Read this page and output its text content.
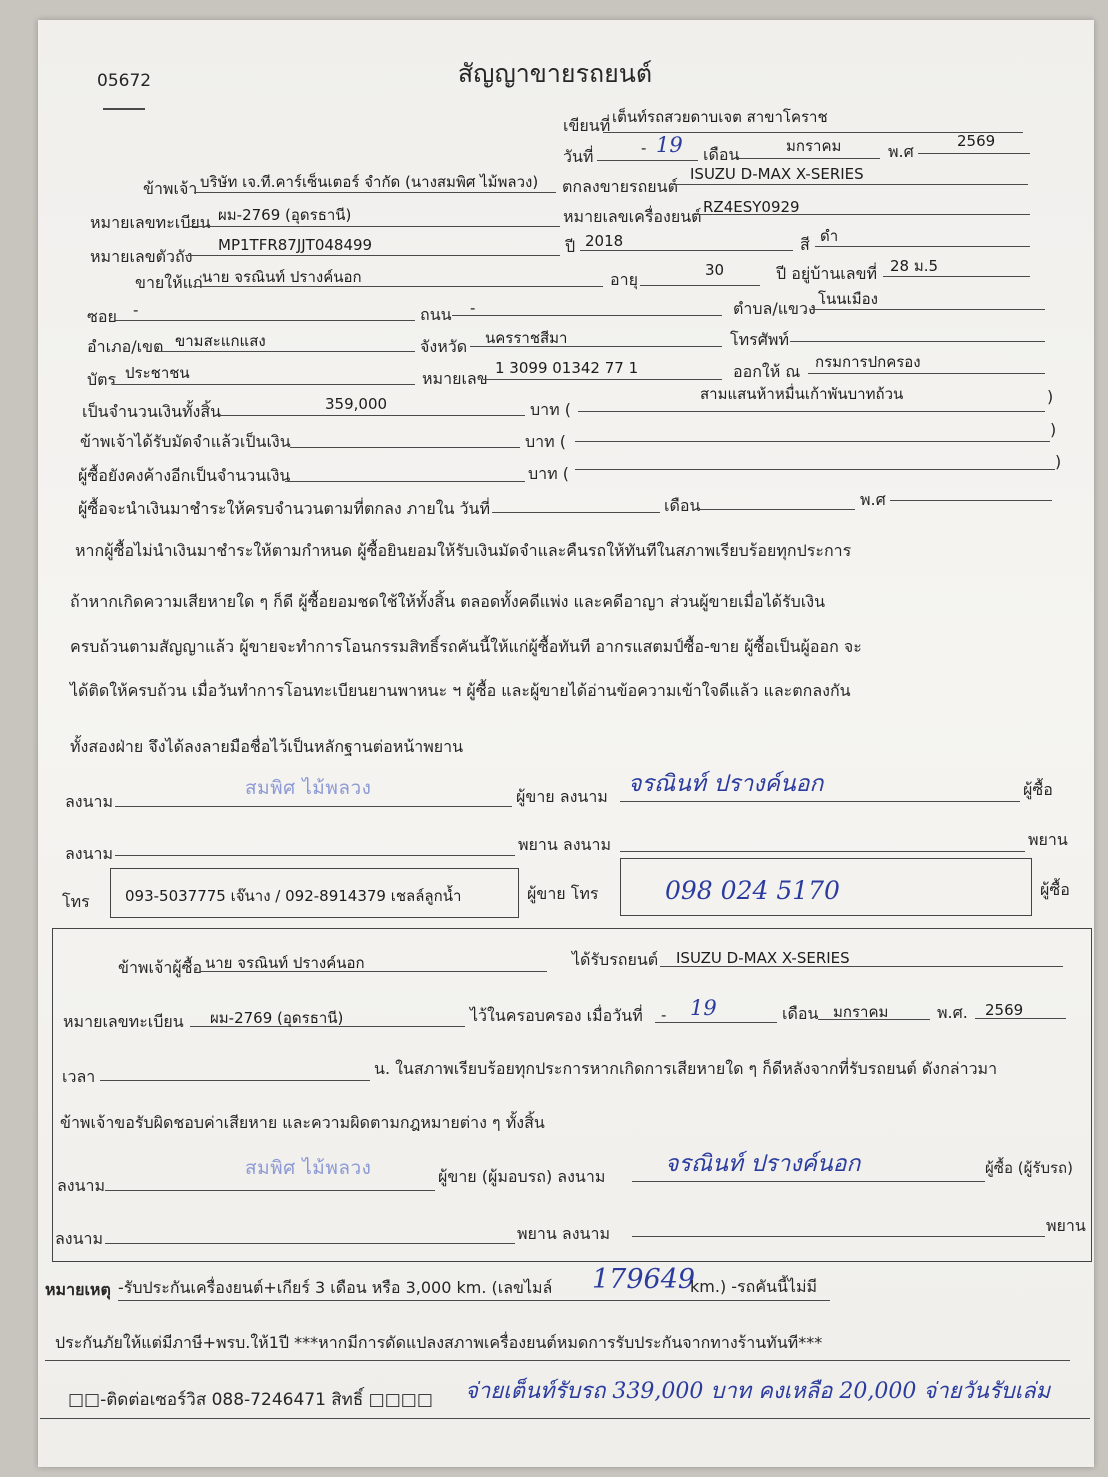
05672	สัญญาขายรถยนต์
เขียนที่ เต็นท์รถสวยดาบเจต สาขาโคราช
วันที่	- 19 เดือน	มกราคม	พ.ศ
2569
ข้าพเจ้า บริษัท เจ.ที.คาร์เซ็นเตอร์ จำกัด (นางสมพิศ ไม้พลวง) ตกลงขายรถยนต์
ISUZU D-MAX X-SERIES
หมายเลขทะเบียน ผม-2769 (อุดรธานี)	หมายเลขเครื่องยนต์ RZ4ESY0929
หมายเลขตัวถัง
MP1TFR87JJT048499	ปี 2018	สี ดำ
ขายให้แก่ นาย จรณินท์ ปรางค์นอก	อายุ	30	ปี อยู่บ้านเลขที่ 28 ม.5
ซอย -	ถนน -	ตำบล/แขวง โนนเมือง
อำเภอ/เขต ขามสะแกแสง	จังหวัด นครราชสีมา	โทรศัพท์
บัตร ประชาชน	หมายเลข
1 3099 01342 77 1	ออกให้ ณ กรมการปกครอง
เป็นจำนวนเงินทั้งสิ้น	359,000	บาท (
สามแสนห้าหมื่นเก้าพันบาทถ้วน	)
ข้าพเจ้าได้รับมัดจำแล้วเป็นเงิน	บาท (
)
ผู้ซื้อยังคงค้างอีกเป็นจำนวนเงิน	บาท (
)
ผู้ซื้อจะนำเงินมาชำระให้ครบจำนวนตามที่ตกลง ภายใน วันที่	เดือน	พ.ศ
หากผู้ซื้อไม่นำเงินมาชำระให้ตามกำหนด ผู้ซื้อยินยอมให้รับเงินมัดจำและคืนรถให้ทันทีในสภาพเรียบร้อยทุกประการ
ถ้าหากเกิดความเสียหายใด ๆ ก็ดี ผู้ซื้อยอมชดใช้ให้ทั้งสิ้น ตลอดทั้งคดีแพ่ง และคดีอาญา ส่วนผู้ขายเมื่อได้รับเงิน
ครบถ้วนตามสัญญาแล้ว ผู้ขายจะทำการโอนกรรมสิทธิ์รถคันนี้ให้แก่ผู้ซื้อทันที อากรแสตมป์ซื้อ-ขาย ผู้ซื้อเป็นผู้ออก จะ
ได้ติดให้ครบถ้วน เมื่อวันทำการโอนทะเบียนยานพาหนะ ฯ ผู้ซื้อ และผู้ขายได้อ่านข้อความเข้าใจดีแล้ว และตกลงกัน
ทั้งสองฝ่าย จึงได้ลงลายมือชื่อไว้เป็นหลักฐานต่อหน้าพยาน
ลงนาม
สมพิศ ไม้พลวง	ผู้ขาย ลงนาม จรณินท์ ปรางค์นอก	ผู้ซื้อ
ลงนาม	พยาน ลงนาม	พยาน
โทร 093-5037775 เจ๊นาง / 092-8914379 เชลล์ลูกน้ำ	ผู้ขาย โทร	098 024 5170	ผู้ซื้อ
ข้าพเจ้าผู้ซื้อ นาย จรณินท์ ปรางค์นอก	ได้รับรถยนต์ ISUZU D-MAX X-SERIES
หมายเลขทะเบียน ผม-2769 (อุดรธานี)	ไว้ในครอบครอง เมื่อวันที่ - 19	เดือน มกราคม	พ.ศ. 2569
เวลา	น. ในสภาพเรียบร้อยทุกประการหากเกิดการเสียหายใด ๆ ก็ดีหลังจากที่รับรถยนต์ ดังกล่าวมา
ข้าพเจ้าขอรับผิดชอบค่าเสียหาย และความผิดตามกฎหมายต่าง ๆ ทั้งสิ้น
ลงนาม
สมพิศ ไม้พลวง	ผู้ขาย (ผู้มอบรถ) ลงนาม	จรณินท์ ปรางค์นอก	ผู้ซื้อ (ผู้รับรถ)
ลงนาม	พยาน ลงนาม	พยาน
หมายเหตุ -รับประกันเครื่องยนต์+เกียร์ 3 เดือน หรือ 3,000 km. (เลขไมล์ 179649
km.) -รถคันนี้ไม่มี
ประกันภัยให้แต่มีภาษี+พรบ.ให้1ปี ***หากมีการดัดแปลงสภาพเครื่องยนต์หมดการรับประกันจากทางร้านทันที***
□□-ติดต่อเซอร์วิส 088-7246471 สิทธิ์ □□□□ จ่ายเต็นท์รับรถ 339,000 บาท คงเหลือ 20,000 จ่ายวันรับเล่ม
